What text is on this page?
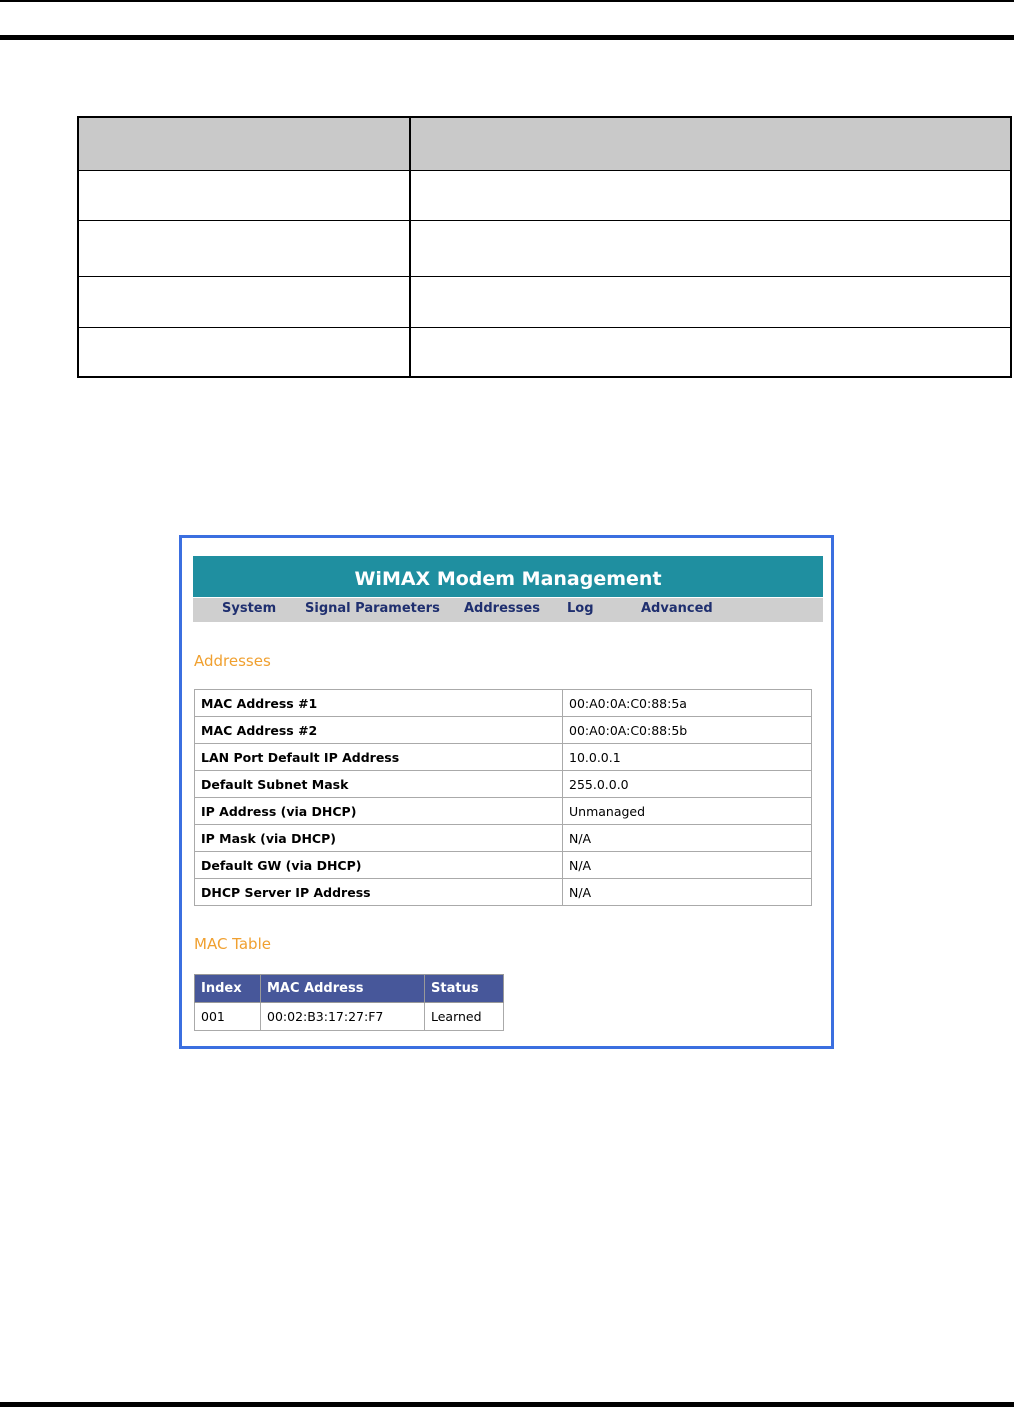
WiMAX Modem Management
System Signal Parameters Addresses Log	Advanced
Addresses
MAC Address #1	00:A0:0A:C0:88:5a
MAC Address #2	00:A0:0A:C0:88:5b
LAN Port Default IP Address	10.0.0.1
Default Subnet Mask	255.0.0.0
IP Address (via DHCP)	Unmanaged
IP Mask (via DHCP)	N/A
Default GW (via DHCP)	N/A
DHCP Server IP Address	N/A
MAC Table
Index	MAC Address	Status
001	00:02:B3:17:27:F7	Learned
